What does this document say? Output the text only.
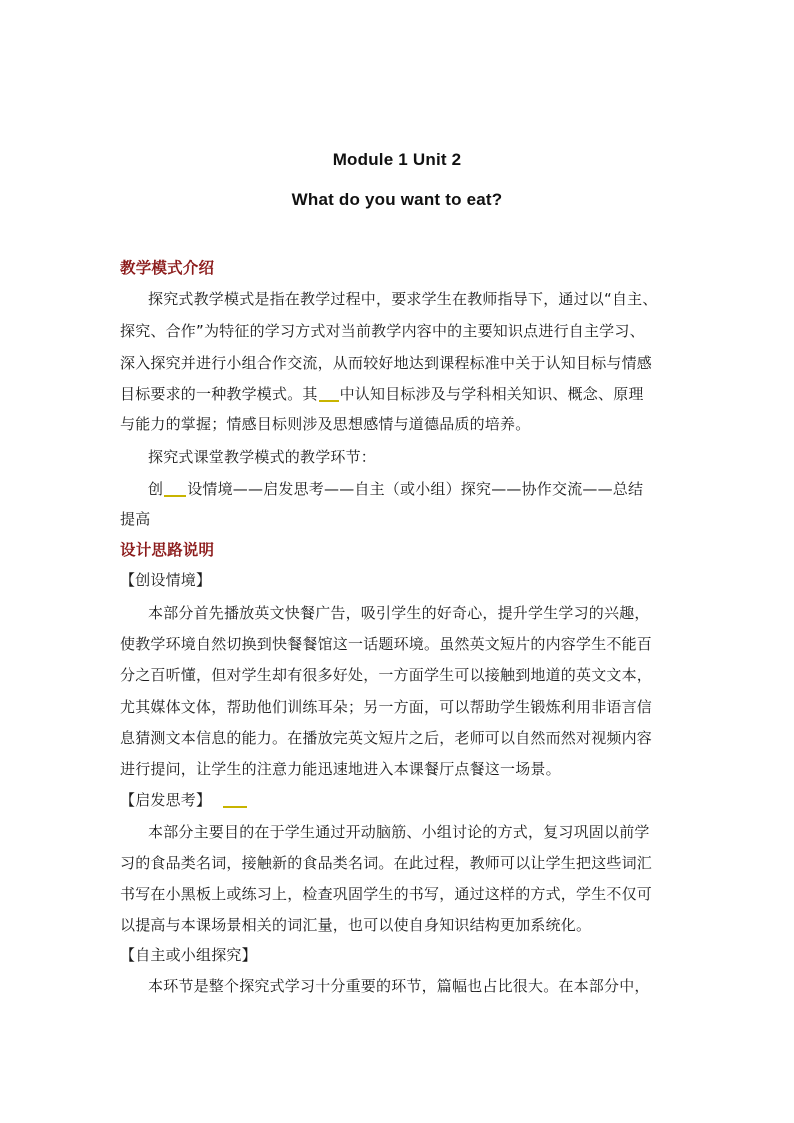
Module 1 Unit 2
What do you want to eat?
教学模式介绍
探究式教学模式是指在教学过程中，要求学生在教师指导下，通过以“自主、
探究、合作”为特征的学习方式对当前教学内容中的主要知识点进行自主学习、
深入探究并进行小组合作交流，从而较好地达到课程标准中关于认知目标与情感
目标要求的一种教学模式。其 中认知目标涉及与学科相关知识、概念、原理
与能力的掌握；情感目标则涉及思想感情与道德品质的培养。
探究式课堂教学模式的教学环节：
创 设情境——启发思考——自主（或小组）探究——协作交流——总结
提高
设计思路说明
【创设情境】
本部分首先播放英文快餐广告，吸引学生的好奇心，提升学生学习的兴趣，
使教学环境自然切换到快餐餐馆这一话题环境。虽然英文短片的内容学生不能百
分之百听懂，但对学生却有很多好处，一方面学生可以接触到地道的英文文本，
尤其媒体文体，帮助他们训练耳朵；另一方面，可以帮助学生锻炼利用非语言信
息猜测文本信息的能力。在播放完英文短片之后，老师可以自然而然对视频内容
进行提问，让学生的注意力能迅速地进入本课餐厅点餐这一场景。
【启发思考】
本部分主要目的在于学生通过开动脑筋、小组讨论的方式，复习巩固以前学
习的食品类名词，接触新的食品类名词。在此过程，教师可以让学生把这些词汇
书写在小黑板上或练习上，检查巩固学生的书写，通过这样的方式，学生不仅可
以提高与本课场景相关的词汇量，也可以使自身知识结构更加系统化。
【自主或小组探究】
本环节是整个探究式学习十分重要的环节，篇幅也占比很大。在本部分中，
